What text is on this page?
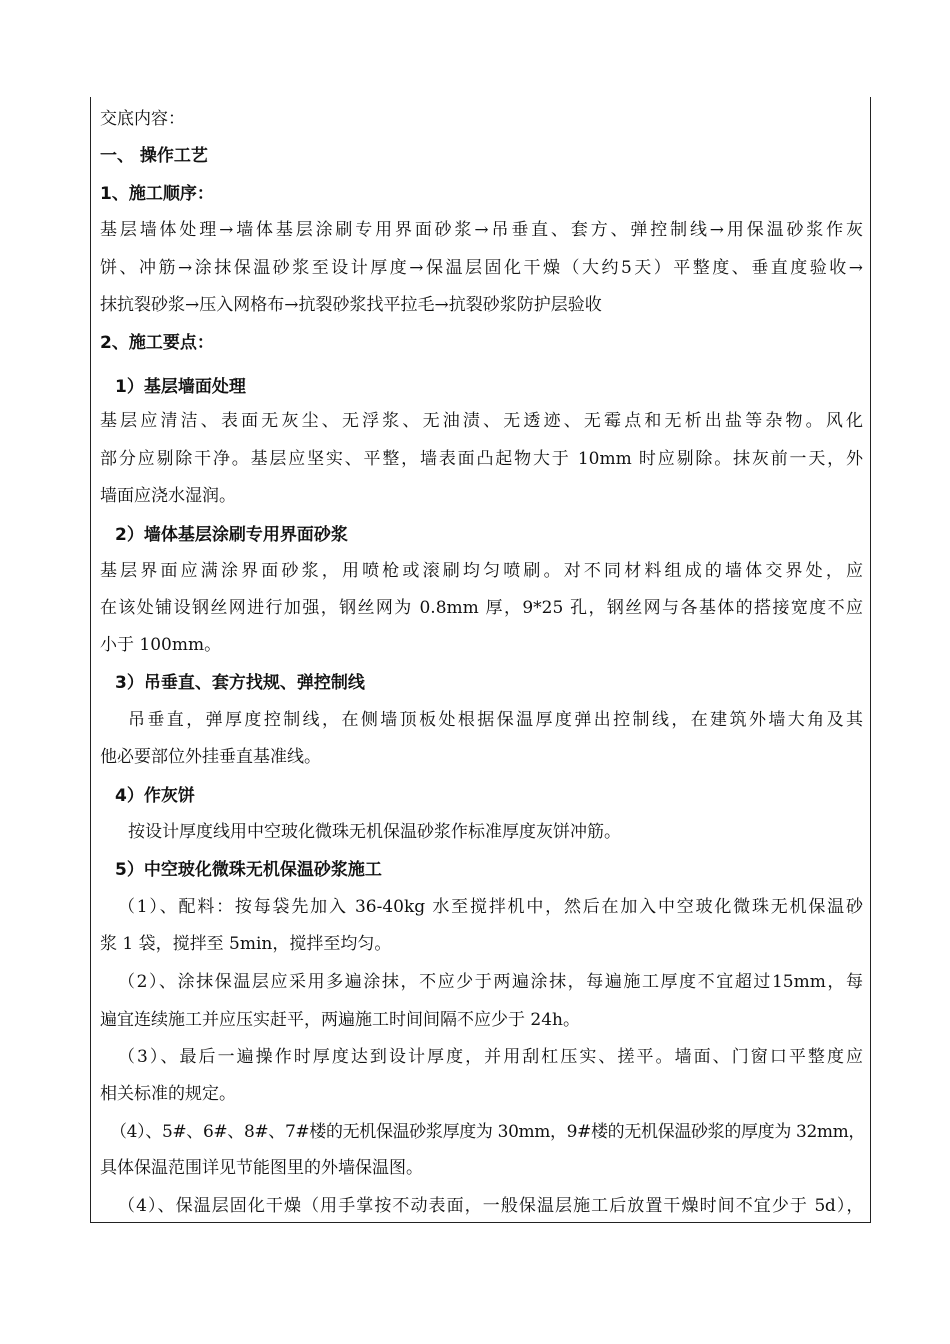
交底内容：
一、 操作工艺
1、施工顺序：
基层墙体处理→墙体基层涂刷专用界面砂浆→吊垂直、套方、弹控制线→用保温砂浆作灰
饼、冲筋→涂抹保温砂浆至设计厚度→保温层固化干燥（大约5天）平整度、垂直度验收→
抹抗裂砂浆→压入网格布→抗裂砂浆找平拉毛→抗裂砂浆防护层验收
2、施工要点：
1）基层墙面处理
基层应清洁、表面无灰尘、无浮浆、无油渍、无透迹、无霉点和无析出盐等杂物。风化
部分应剔除干净。基层应坚实、平整，墙表面凸起物大于 10mm 时应剔除。抹灰前一天，外
墙面应浇水湿润。
2）墙体基层涂刷专用界面砂浆
基层界面应满涂界面砂浆，用喷枪或滚刷均匀喷刷。对不同材料组成的墙体交界处，应
在该处铺设钢丝网进行加强，钢丝网为 0.8mm 厚，9*25 孔，钢丝网与各基体的搭接宽度不应
小于 100mm。
3）吊垂直、套方找规、弹控制线
吊垂直，弹厚度控制线，在侧墙顶板处根据保温厚度弹出控制线，在建筑外墙大角及其
他必要部位外挂垂直基准线。
4）作灰饼
按设计厚度线用中空玻化微珠无机保温砂浆作标准厚度灰饼冲筋。
5）中空玻化微珠无机保温砂浆施工
（1）、配料：按每袋先加入 36-40kg 水至搅拌机中，然后在加入中空玻化微珠无机保温砂
浆 1 袋，搅拌至 5min，搅拌至均匀。
（2）、涂抹保温层应采用多遍涂抹，不应少于两遍涂抹，每遍施工厚度不宜超过15mm，每
遍宜连续施工并应压实赶平，两遍施工时间间隔不应少于 24h。
（3）、最后一遍操作时厚度达到设计厚度，并用刮杠压实、搓平。墙面、门窗口平整度应
相关标准的规定。
（4）、5#、6#、8#、7#楼的无机保温砂浆厚度为 30mm，9#楼的无机保温砂浆的厚度为 32mm，
具体保温范围详见节能图里的外墙保温图。
（4）、保温层固化干燥（用手掌按不动表面，一般保温层施工后放置干燥时间不宜少于 5d），
